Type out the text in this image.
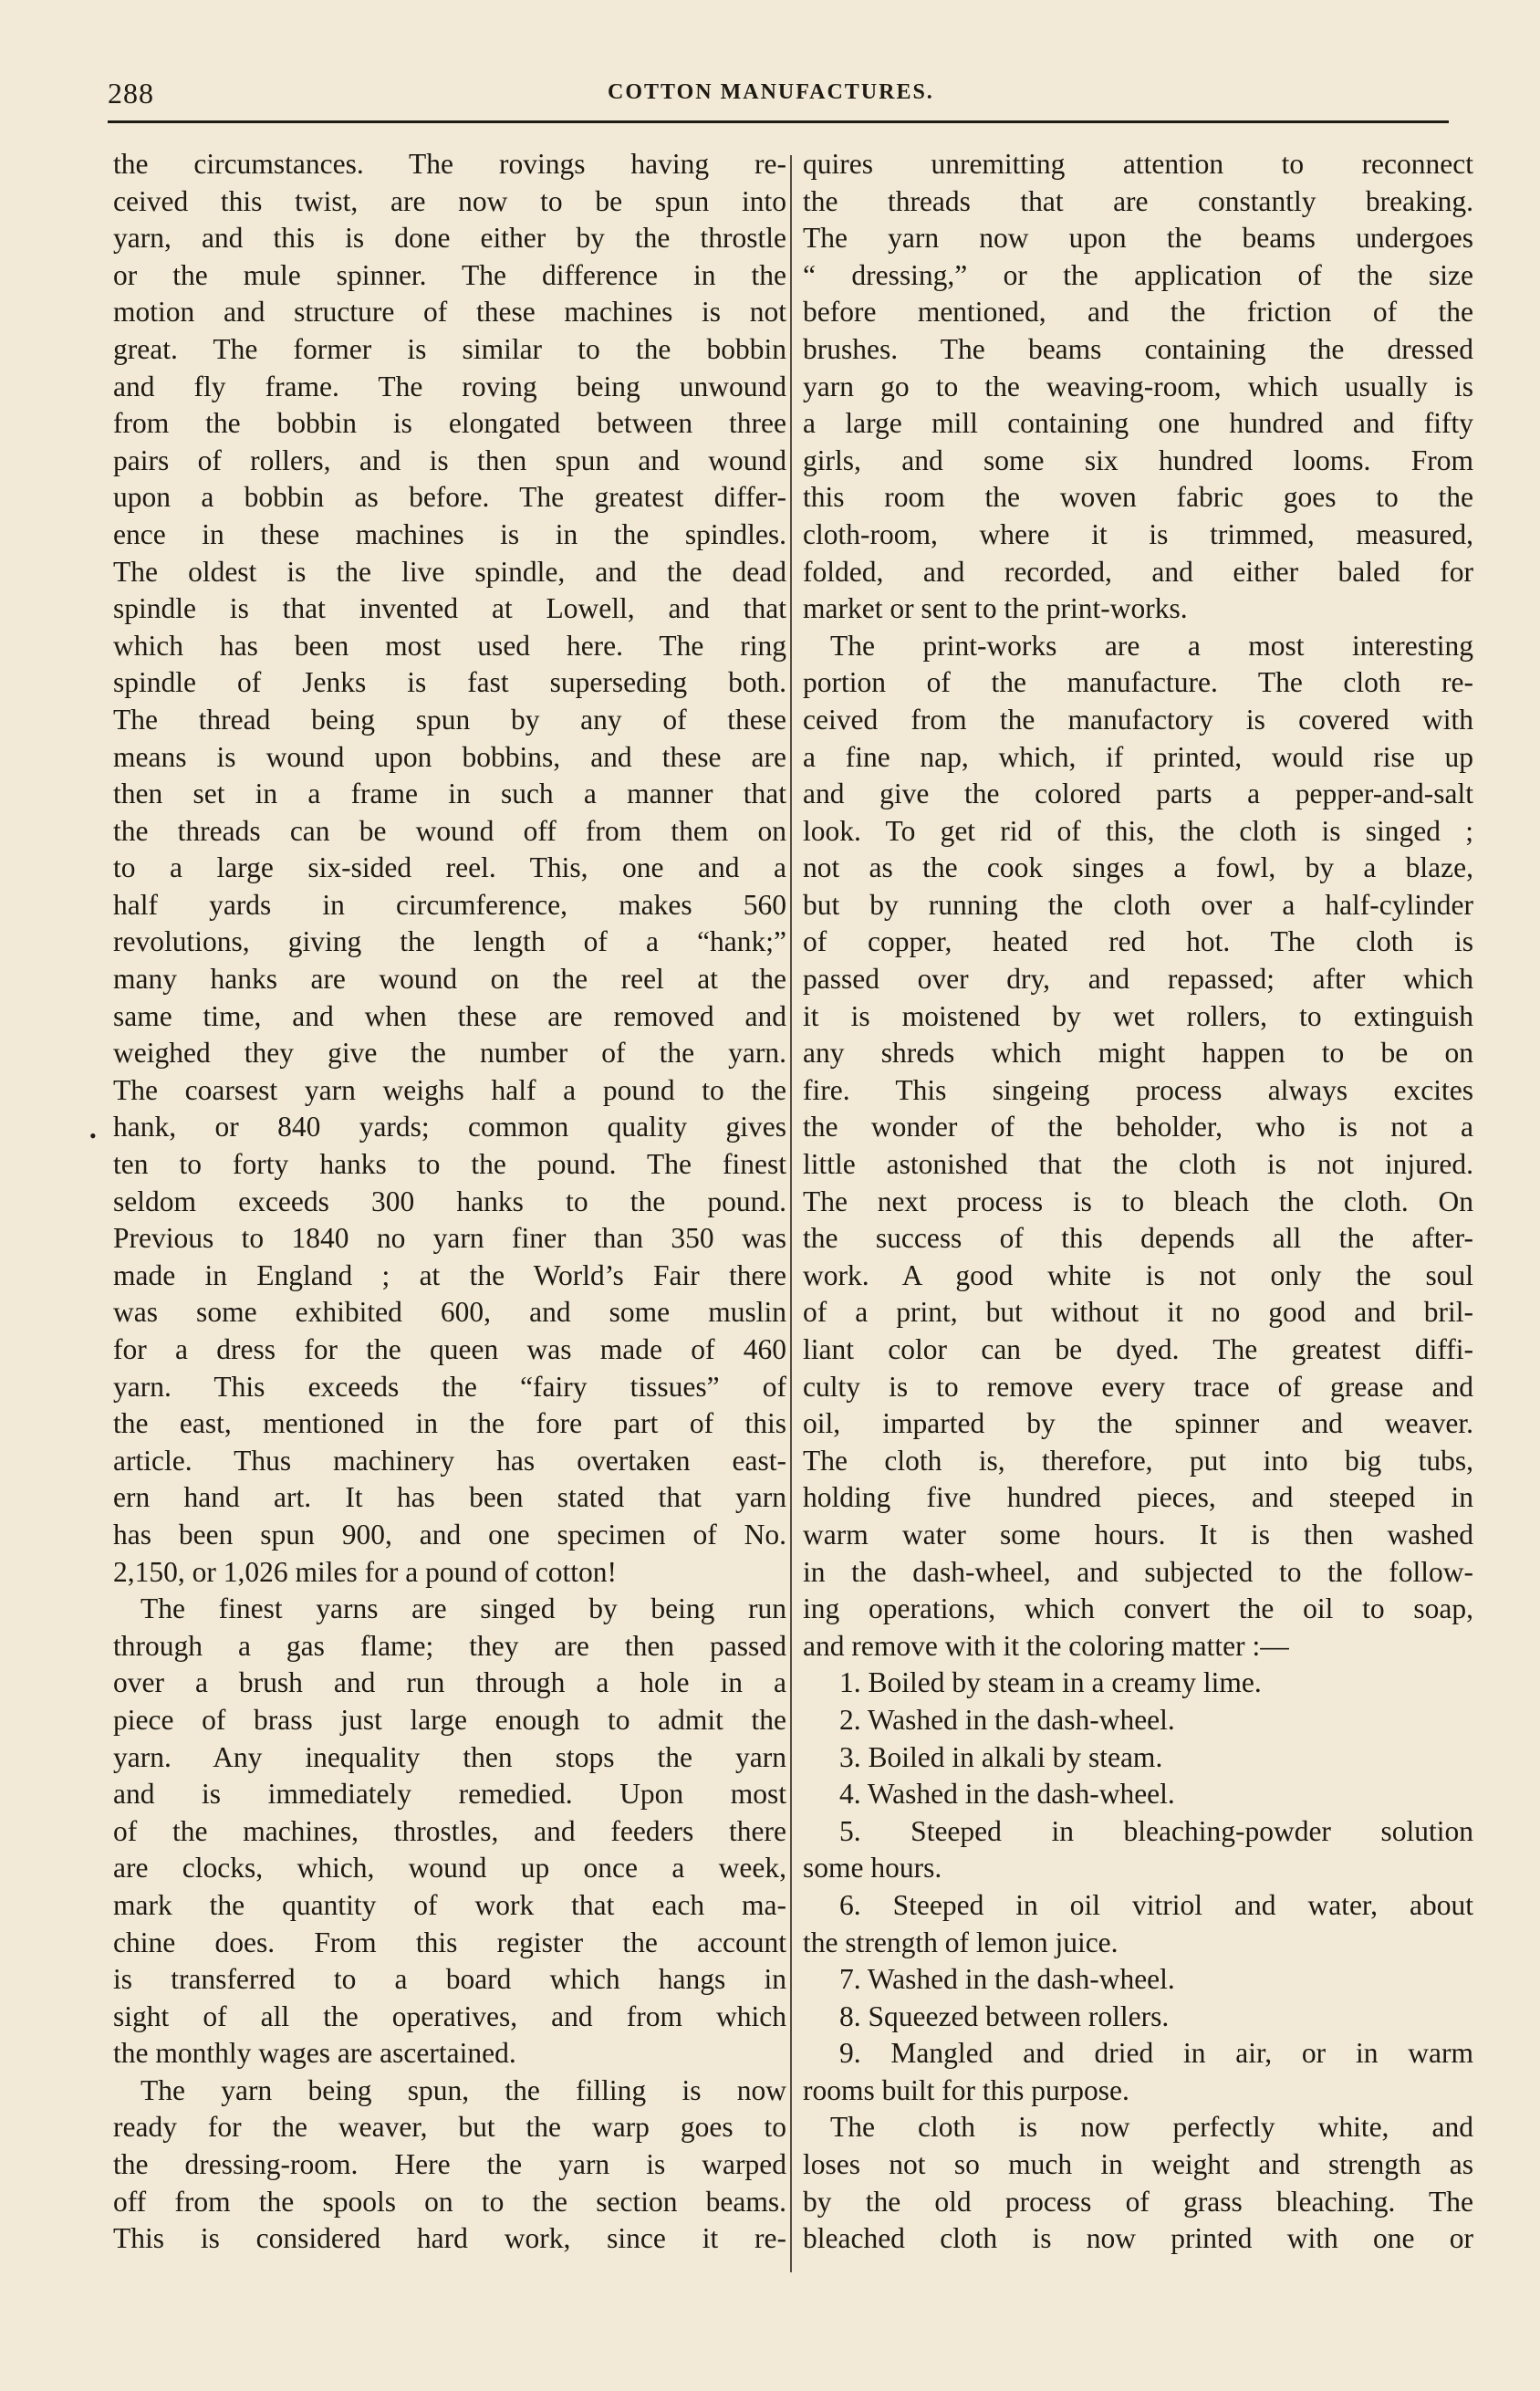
288	COTTON MANUFACTURES.
•
the circumstances. The rovings having re-
ceived this twist, are now to be spun into
yarn, and this is done either by the throstle
or the mule spinner. The difference in the
motion and structure of these machines is not
great. The former is similar to the bobbin
and fly frame. The roving being unwound
from the bobbin is elongated between three
pairs of rollers, and is then spun and wound
upon a bobbin as before. The greatest differ-
ence in these machines is in the spindles.
The oldest is the live spindle, and the dead
spindle is that invented at Lowell, and that
which has been most used here. The ring
spindle of Jenks is fast superseding both.
The thread being spun by any of these
means is wound upon bobbins, and these are
then set in a frame in such a manner that
the threads can be wound off from them on
to a large six-sided reel. This, one and a
half yards in circumference, makes 560
revolutions, giving the length of a “hank;”
many hanks are wound on the reel at the
same time, and when these are removed and
weighed they give the number of the yarn.
The coarsest yarn weighs half a pound to the
hank, or 840 yards; common quality gives
ten to forty hanks to the pound. The finest
seldom exceeds 300 hanks to the pound.
Previous to 1840 no yarn finer than 350 was
made in England ; at the World’s Fair there
was some exhibited 600, and some muslin
for a dress for the queen was made of 460
yarn. This exceeds the “fairy tissues” of
the east, mentioned in the fore part of this
article. Thus machinery has overtaken east-
ern hand art. It has been stated that yarn
has been spun 900, and one specimen of No.
2,150, or 1,026 miles for a pound of cotton!
The finest yarns are singed by being run
through a gas flame; they are then passed
over a brush and run through a hole in a
piece of brass just large enough to admit the
yarn. Any inequality then stops the yarn
and is immediately remedied. Upon most
of the machines, throstles, and feeders there
are clocks, which, wound up once a week,
mark the quantity of work that each ma-
chine does. From this register the account
is transferred to a board which hangs in
sight of all the operatives, and from which
the monthly wages are ascertained.
The yarn being spun, the filling is now
ready for the weaver, but the warp goes to
the dressing-room. Here the yarn is warped
off from the spools on to the section beams.
This is considered hard work, since it re-
quires unremitting attention to reconnect
the threads that are constantly breaking.
The yarn now upon the beams undergoes
“ dressing,” or the application of the size
before mentioned, and the friction of the
brushes. The beams containing the dressed
yarn go to the weaving-room, which usually is
a large mill containing one hundred and fifty
girls, and some six hundred looms. From
this room the woven fabric goes to the
cloth-room, where it is trimmed, measured,
folded, and recorded, and either baled for
market or sent to the print-works.
The print-works are a most interesting
portion of the manufacture. The cloth re-
ceived from the manufactory is covered with
a fine nap, which, if printed, would rise up
and give the colored parts a pepper-and-salt
look. To get rid of this, the cloth is singed ;
not as the cook singes a fowl, by a blaze,
but by running the cloth over a half-cylinder
of copper, heated red hot. The cloth is
passed over dry, and repassed; after which
it is moistened by wet rollers, to extinguish
any shreds which might happen to be on
fire. This singeing process always excites
the wonder of the beholder, who is not a
little astonished that the cloth is not injured.
The next process is to bleach the cloth. On
the success of this depends all the after-
work. A good white is not only the soul
of a print, but without it no good and bril-
liant color can be dyed. The greatest diffi-
culty is to remove every trace of grease and
oil, imparted by the spinner and weaver.
The cloth is, therefore, put into big tubs,
holding five hundred pieces, and steeped in
warm water some hours. It is then washed
in the dash-wheel, and subjected to the follow-
ing operations, which convert the oil to soap,
and remove with it the coloring matter :—
1. Boiled by steam in a creamy lime.
2. Washed in the dash-wheel.
3. Boiled in alkali by steam.
4. Washed in the dash-wheel.
5. Steeped in bleaching-powder solution
some hours.
6. Steeped in oil vitriol and water, about
the strength of lemon juice.
7. Washed in the dash-wheel.
8. Squeezed between rollers.
9. Mangled and dried in air, or in warm
rooms built for this purpose.
The cloth is now perfectly white, and
loses not so much in weight and strength as
by the old process of grass bleaching. The
bleached cloth is now printed with one or
